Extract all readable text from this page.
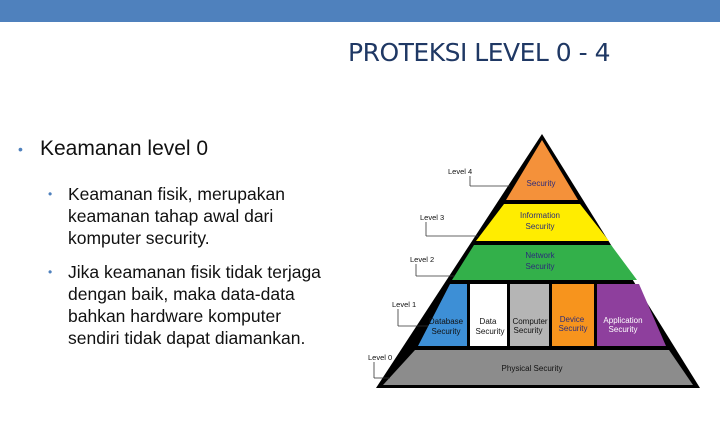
PROTEKSI LEVEL 0 - 4
• Keamanan level 0
• Keamanan fisik, merupakan keamanan tahap awal dari komputer security.
• Jika keamanan fisik tidak terjaga dengan baik, maka data-data bahkan hardware komputer sendiri tidak dapat diamankan.
Level 4
Level 3
Level 2
Level 1
Level 0
Security
Information
Security
Network
Security
Database
Security
Data
Security
Computer
Security
Device
Security
Application
Security
Physical Security
